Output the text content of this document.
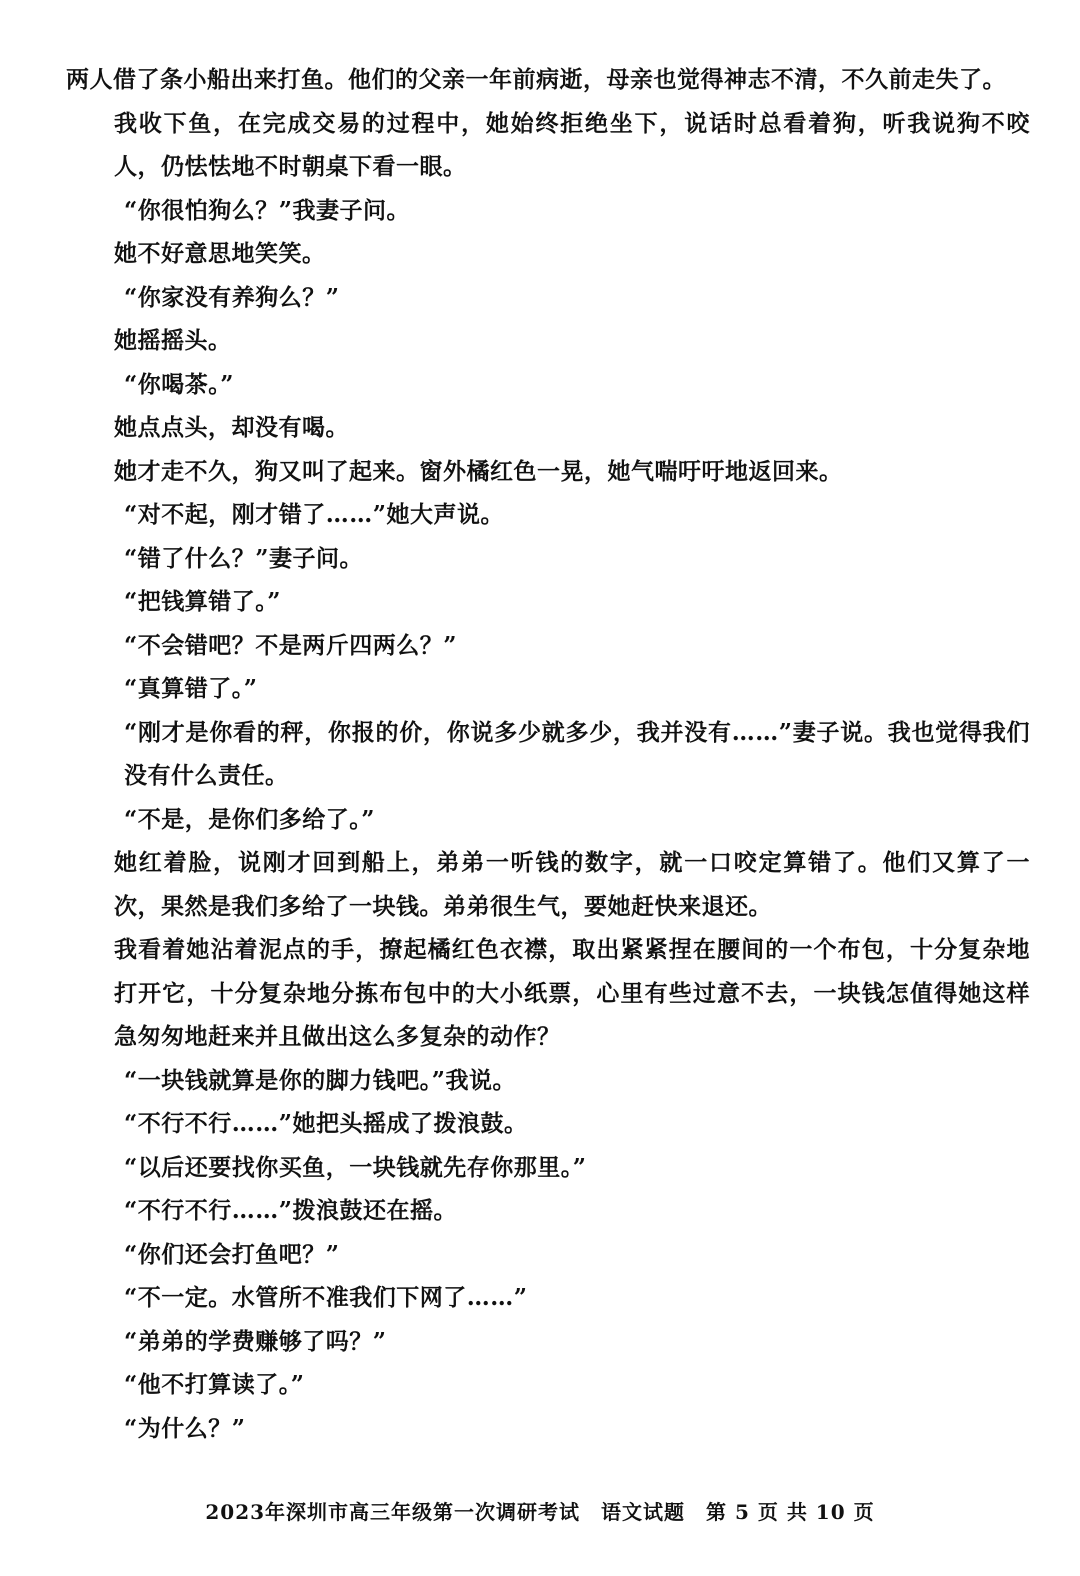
两人借了条小船出来打鱼。他们的父亲一年前病逝，母亲也觉得神志不清，不久前走失了。

我收下鱼，在完成交易的过程中，她始终拒绝坐下，说话时总看着狗，听我说狗不咬人，仍怯怯地不时朝桌下看一眼。

“你很怕狗么？”我妻子问。

她不好意思地笑笑。

“你家没有养狗么？”

她摇摇头。

“你喝茶。”

她点点头，却没有喝。

她才走不久，狗又叫了起来。窗外橘红色一晃，她气喘吁吁地返回来。

“对不起，刚才错了……”她大声说。

“错了什么？”妻子问。

“把钱算错了。”

“不会错吧？不是两斤四两么？”

“真算错了。”

“刚才是你看的秤，你报的价，你说多少就多少，我并没有……”妻子说。我也觉得我们没有什么责任。

“不是，是你们多给了。”

她红着脸，说刚才回到船上，弟弟一听钱的数字，就一口咬定算错了。他们又算了一次，果然是我们多给了一块钱。弟弟很生气，要她赶快来退还。

我看着她沾着泥点的手，撩起橘红色衣襟，取出紧紧捏在腰间的一个布包，十分复杂地打开它，十分复杂地分拣布包中的大小纸票，心里有些过意不去，一块钱怎值得她这样急匆匆地赶来并且做出这么多复杂的动作？

“一块钱就算是你的脚力钱吧。”我说。

“不行不行……”她把头摇成了拨浪鼓。

“以后还要找你买鱼，一块钱就先存你那里。”

“不行不行……”拨浪鼓还在摇。

“你们还会打鱼吧？”

“不一定。水管所不准我们下网了……”

“弟弟的学费赚够了吗？”

“他不打算读了。”

“为什么？”

2023年深圳市高三年级第一次调研考试　语文试题　第 5 页 共 10 页
